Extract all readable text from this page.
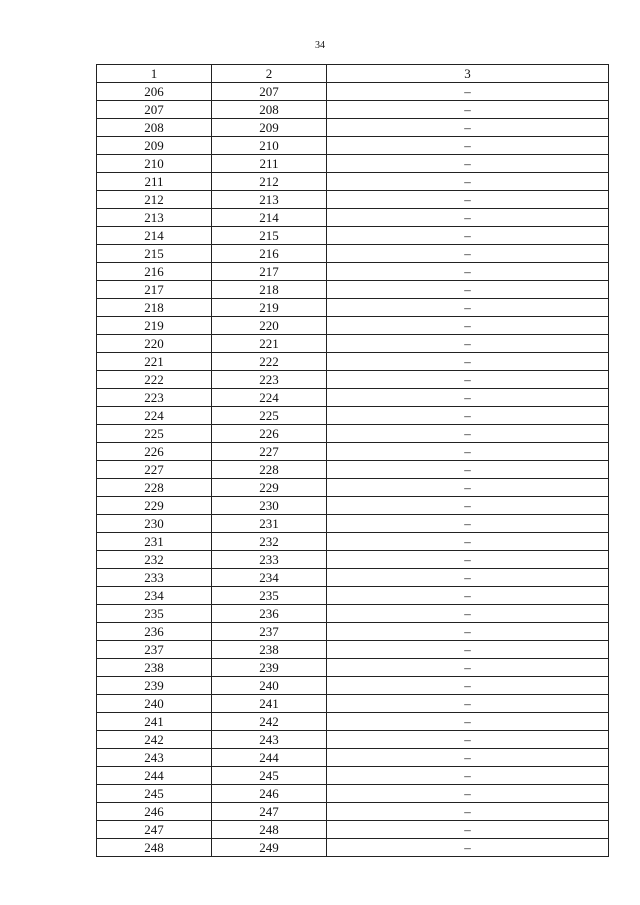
34
1	2	3
206	207	–
207	208	–
208	209	–
209	210	–
210	211	–
211	212	–
212	213	–
213	214	–
214	215	–
215	216	–
216	217	–
217	218	–
218	219	–
219	220	–
220	221	–
221	222	–
222	223	–
223	224	–
224	225	–
225	226	–
226	227	–
227	228	–
228	229	–
229	230	–
230	231	–
231	232	–
232	233	–
233	234	–
234	235	–
235	236	–
236	237	–
237	238	–
238	239	–
239	240	–
240	241	–
241	242	–
242	243	–
243	244	–
244	245	–
245	246	–
246	247	–
247	248	–
248	249	–
